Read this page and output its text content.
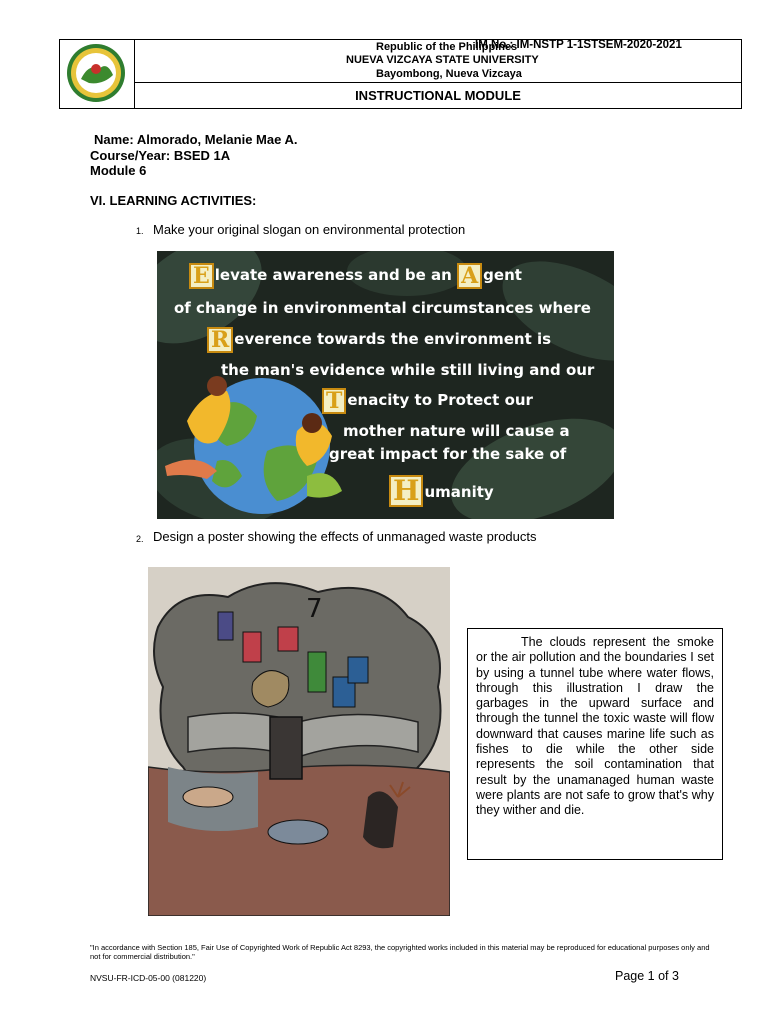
Republic of the Philippines
IM No.: IM-NSTP 1-1STSEM-2020-2021
NUEVA VIZCAYA STATE UNIVERSITY
Bayombong, Nueva Vizcaya
INSTRUCTIONAL MODULE
Name: Almorado, Melanie Mae A.
Course/Year: BSED 1A
Module 6
VI. LEARNING ACTIVITIES:
1. Make your original slogan on environmental protection
E levate awareness and be an A gent
of change in environmental circumstances where
R everence towards the environment is
the man's evidence while still living and our
T enacity to Protect our
mother nature will cause a
great impact for the sake of
H umanity
2. Design a poster showing the effects of unmanaged waste products
7
The clouds represent the smoke or the air pollution and the boundaries I set by using a tunnel tube where water flows, through this illustration I draw the garbages in the upward surface and through the tunnel the toxic waste will flow downward that causes marine life such as fishes to die while the other side represents the soil contamination that result by the unamanaged human waste were plants are not safe to grow that's why they wither and die.
"In accordance with Section 185, Fair Use of Copyrighted Work of Republic Act 8293, the copyrighted works included in this material may be reproduced for educational purposes only and not for commercial distribution."
NVSU-FR-ICD-05-00 (081220)	Page 1 of 3
